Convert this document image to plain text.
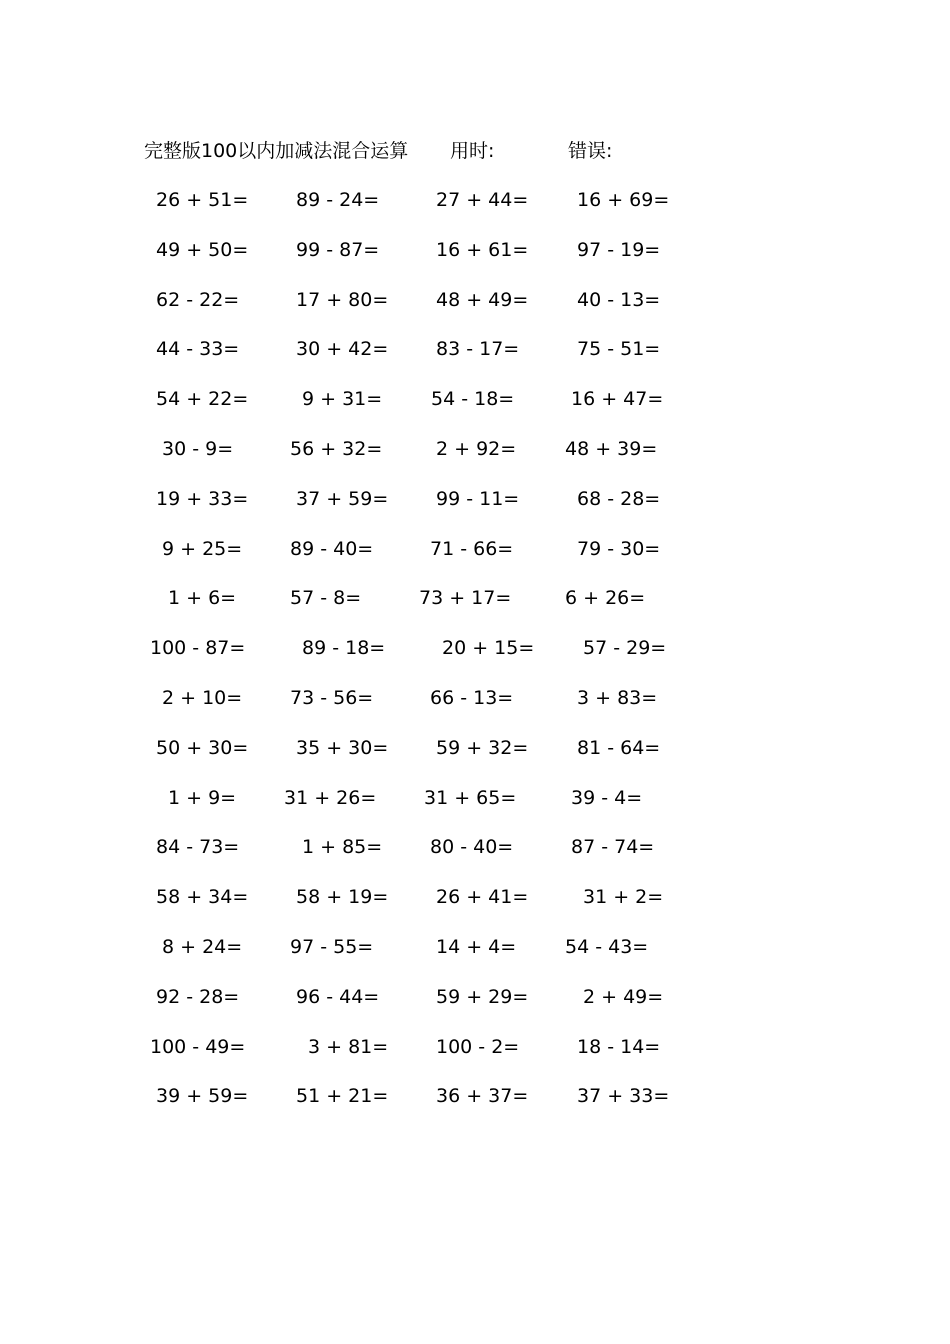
完整版100以内加减法混合运算 用时:	错误:
26 + 51=	89 - 24=	27 + 44=	16 + 69=
49 + 50=	99 - 87=	16 + 61=	97 - 19=
62 - 22=	17 + 80=	48 + 49=	40 - 13=
44 - 33=	30 + 42=	83 - 17=	75 - 51=
54 + 22=	9 + 31=	54 - 18=	16 + 47=
30 - 9=	56 + 32=	2 + 92=	48 + 39=
19 + 33=	37 + 59=	99 - 11=	68 - 28=
9 + 25=	89 - 40=	71 - 66=	79 - 30=
1 + 6=	57 - 8=	73 + 17=	6 + 26=
100 - 87=	89 - 18=	20 + 15=	57 - 29=
2 + 10=	73 - 56=	66 - 13=	3 + 83=
50 + 30=	35 + 30=	59 + 32=	81 - 64=
1 + 9=	31 + 26=	31 + 65=	39 - 4=
84 - 73=	1 + 85=	80 - 40=	87 - 74=
58 + 34=	58 + 19=	26 + 41=	31 + 2=
8 + 24=	97 - 55=	14 + 4=	54 - 43=
92 - 28=	96 - 44=	59 + 29=	2 + 49=
100 - 49=	3 + 81=	100 - 2=	18 - 14=
39 + 59=	51 + 21=	36 + 37=	37 + 33=
